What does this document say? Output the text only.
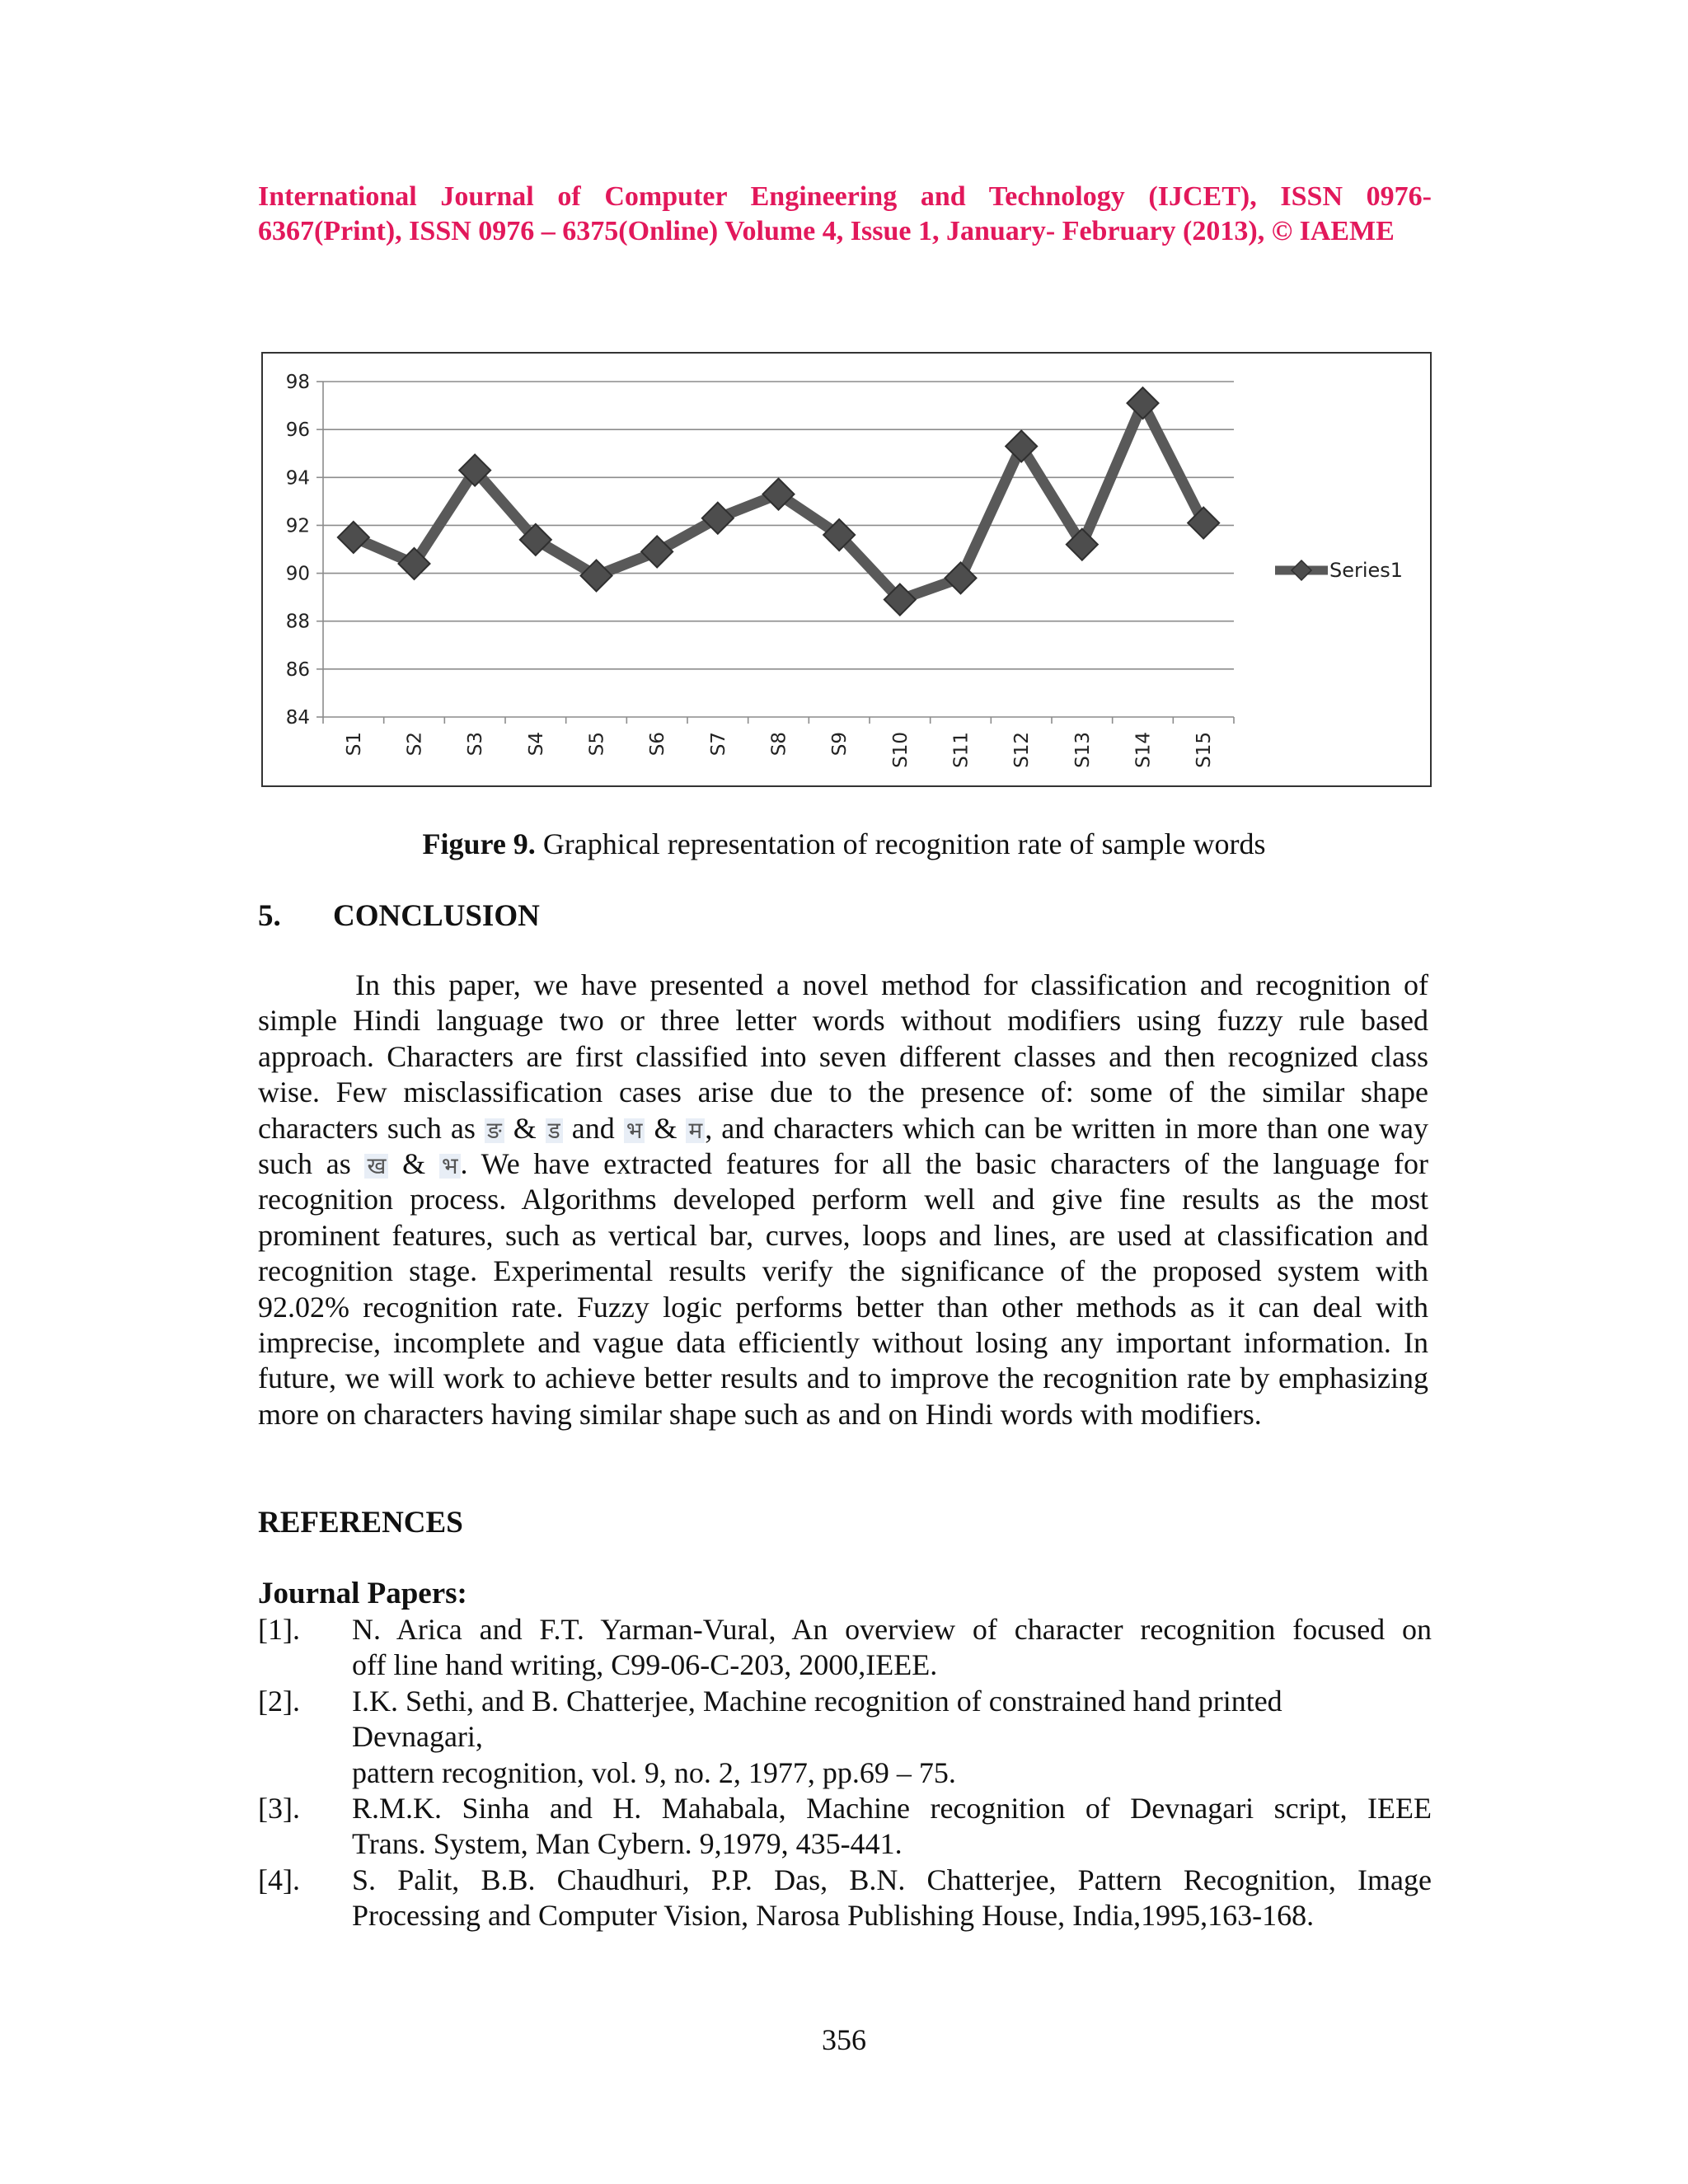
International Journal of Computer Engineering and Technology (IJCET), ISSN 0976-
6367(Print), ISSN 0976 – 6375(Online) Volume 4, Issue 1, January- February (2013), © IAEME
84
86
88
90
92
94
96
98
S1 S2 S3 S4 S5 S6 S7 S8 S9 S10 S11 S12 S13 S14 S15
Series1
Figure 9. Graphical representation of recognition rate of sample words
5. CONCLUSION
In this paper, we have presented a novel method for classification and recognition of simple Hindi language two or three letter words without modifiers using fuzzy rule based approach. Characters are first classified into seven different classes and then recognized class wise. Few misclassification cases arise due to the presence of: some of the similar shape characters such as ङ & ड and भ & म, and characters which can be written in more than one way such as ख & भ. We have extracted features for all the basic characters of the language for recognition process. Algorithms developed perform well and give fine results as the most prominent features, such as vertical bar, curves, loops and lines, are used at classification and recognition stage. Experimental results verify the significance of the proposed system with 92.02% recognition rate. Fuzzy logic performs better than other methods as it can deal with imprecise, incomplete and vague data efficiently without losing any important information. In future, we will work to achieve better results and to improve the recognition rate by emphasizing more on characters having similar shape such as and on Hindi words with modifiers.
REFERENCES
Journal Papers:
[1]. N. Arica and F.T. Yarman-Vural, An overview of character recognition focused on
off line hand writing, C99-06-C-203, 2000,IEEE.
[2]. I.K. Sethi, and B. Chatterjee, Machine recognition of constrained hand printed
Devnagari,
pattern recognition, vol. 9, no. 2, 1977, pp.69 – 75.
[3]. R.M.K. Sinha and H. Mahabala, Machine recognition of Devnagari script, IEEE
Trans. System, Man Cybern. 9,1979, 435-441.
[4]. S. Palit, B.B. Chaudhuri, P.P. Das, B.N. Chatterjee, Pattern Recognition, Image
Processing and Computer Vision, Narosa Publishing House, India,1995,163-168.
356
